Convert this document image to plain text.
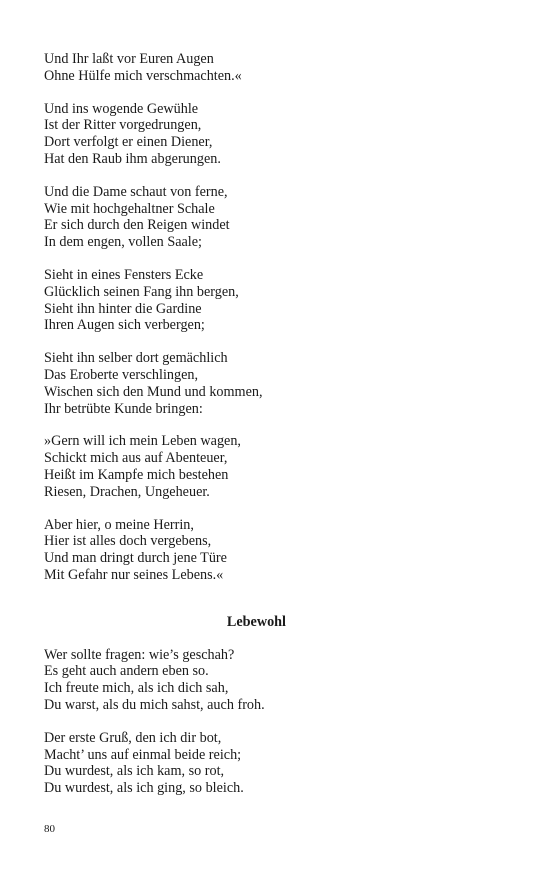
Und Ihr laßt vor Euren Augen
Ohne Hülfe mich verschmachten.«
Und ins wogende Gewühle
Ist der Ritter vorgedrungen,
Dort verfolgt er einen Diener,
Hat den Raub ihm abgerungen.
Und die Dame schaut von ferne,
Wie mit hochgehaltner Schale
Er sich durch den Reigen windet
In dem engen, vollen Saale;
Sieht in eines Fensters Ecke
Glücklich seinen Fang ihn bergen,
Sieht ihn hinter die Gardine
Ihren Augen sich verbergen;
Sieht ihn selber dort gemächlich
Das Eroberte verschlingen,
Wischen sich den Mund und kommen,
Ihr betrübte Kunde bringen:
»Gern will ich mein Leben wagen,
Schickt mich aus auf Abenteuer,
Heißt im Kampfe mich bestehen
Riesen, Drachen, Ungeheuer.
Aber hier, o meine Herrin,
Hier ist alles doch vergebens,
Und man dringt durch jene Türe
Mit Gefahr nur seines Lebens.«
Lebewohl
Wer sollte fragen: wie’s geschah?
Es geht auch andern eben so.
Ich freute mich, als ich dich sah,
Du warst, als du mich sahst, auch froh.
Der erste Gruß, den ich dir bot,
Macht’ uns auf einmal beide reich;
Du wurdest, als ich kam, so rot,
Du wurdest, als ich ging, so bleich.
80
